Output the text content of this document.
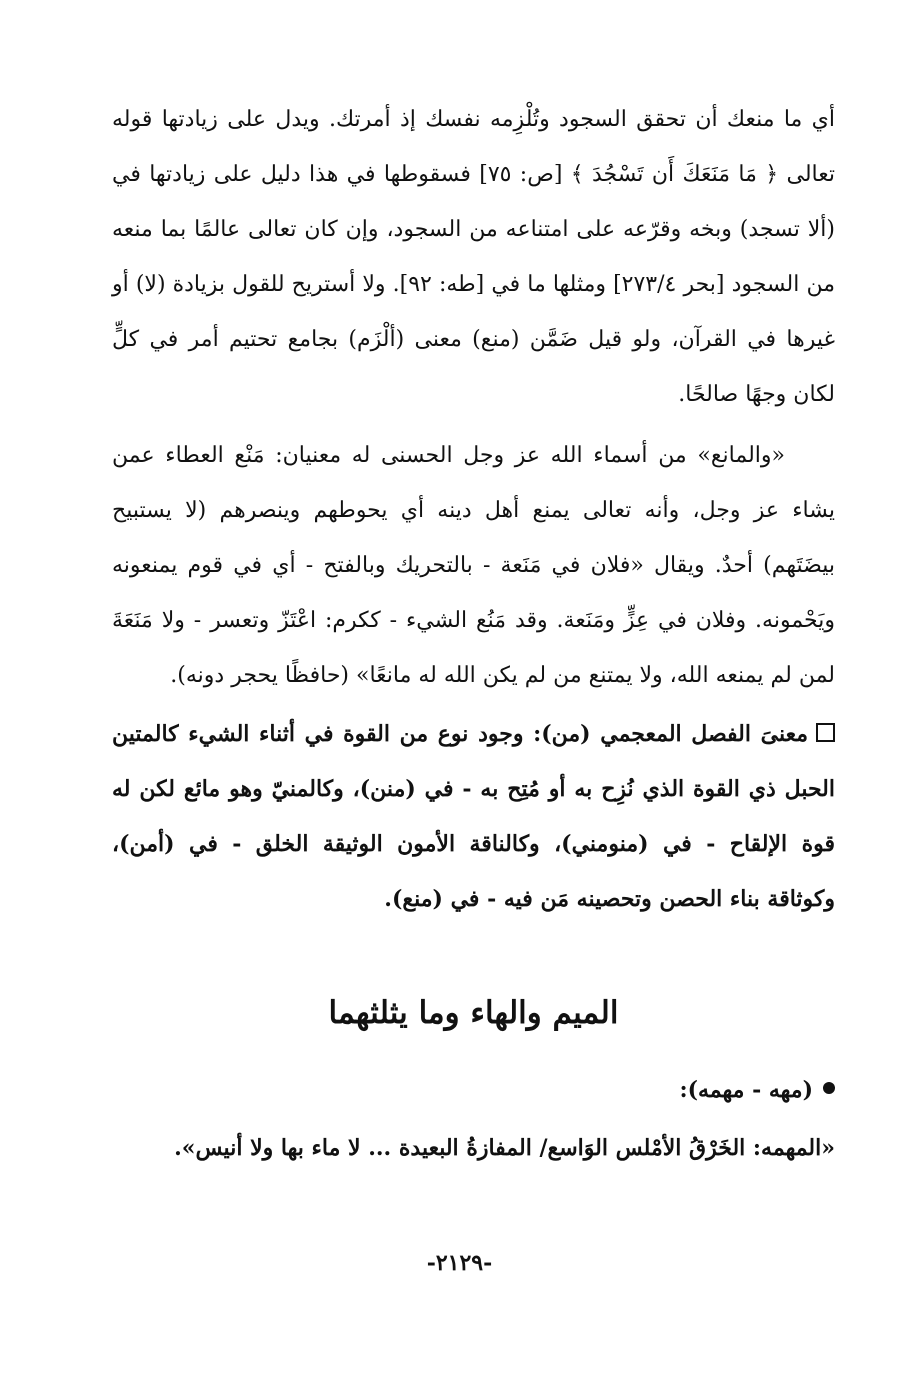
أي ما منعك أن تحقق السجود وتُلْزِمه نفسك إذ أمرتك. ويدل على زيادتها قوله تعالى ﴿ مَا مَنَعَكَ أَن تَسْجُدَ ﴾ [ص: ٧٥] فسقوطها في هذا دليل على زيادتها في (ألا تسجد) وبخه وقرّعه على امتناعه من السجود، وإن كان تعالى عالمًا بما منعه من السجود [بحر ٢٧٣/٤] ومثلها ما في [طه: ٩٢]. ولا أستريح للقول بزيادة (لا) أو غيرها في القرآن، ولو قيل ضَمَّن (منع) معنى (ألْزَم) بجامع تحتيم أمر في كلٍّ لكان وجهًا صالحًا.

«والمانع» من أسماء الله عز وجل الحسنى له معنيان: مَنْع العطاء عمن يشاء عز وجل، وأنه تعالى يمنع أهل دينه أي يحوطهم وينصرهم (لا يستبيح بيضَتَهم) أحدٌ. ويقال «فلان في مَنَعة - بالتحريك وبالفتح - أي في قوم يمنعونه ويَحْمونه. وفلان في عِزٍّ ومَنَعة. وقد مَنُع الشيء - ككرم: اعْتَزّ وتعسر - ولا مَنَعَةَ لمن لم يمنعه الله، ولا يمتنع من لم يكن الله له مانعًا» (حافظًا يحجر دونه).

معنىَ الفصل المعجمي (من): وجود نوع من القوة في أثناء الشيء كالمتين الحبل ذي القوة الذي نُزِح به أو مُتِح به - في (منن)، وكالمنيّ وهو مائع لكن له قوة الإلقاح - في (منومني)، وكالناقة الأمون الوثيقة الخلق - في (أمن)، وكوثاقة بناء الحصن وتحصينه مَن فيه - في (منع).

الميم والهاء وما يثلثهما
(مهه - مهمه):
«المهمه: الخَرْقُ الأمْلس الوَاسع/ المفازةُ البعيدة ... لا ماء بها ولا أنيس».
-٢١٢٩-
